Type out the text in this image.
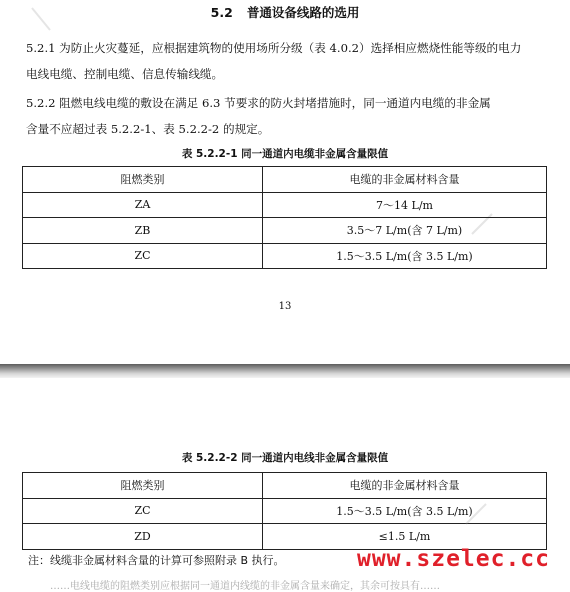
5.2 普通设备线路的选用
5.2.1 为防止火灾蔓延，应根据建筑物的使用场所分级（表 4.0.2）选择相应燃烧性能等级的电力
电线电缆、控制电缆、信息传输线缆。
5.2.2 阻燃电线电缆的敷设在满足 6.3 节要求的防火封堵措施时，同一通道内电缆的非金属
含量不应超过表 5.2.2-1、表 5.2.2-2 的规定。
表 5.2.2-1 同一通道内电缆非金属含量限值
阻燃类别	电缆的非金属材料含量
ZA	7～14 L/m
ZB	3.5～7 L/m(含 7 L/m)
ZC	1.5～3.5 L/m(含 3.5 L/m)
13
表 5.2.2-2 同一通道内电线非金属含量限值
阻燃类别	电缆的非金属材料含量
ZC	1.5～3.5 L/m(含 3.5 L/m)
ZD	≤1.5 L/m
注：线缆非金属材料含量的计算可参照附录 B 执行。
……电线电缆的阻燃类别应根据同一通道内线缆的非金属含量来确定，其余可按具有……
www.szelec.cc
